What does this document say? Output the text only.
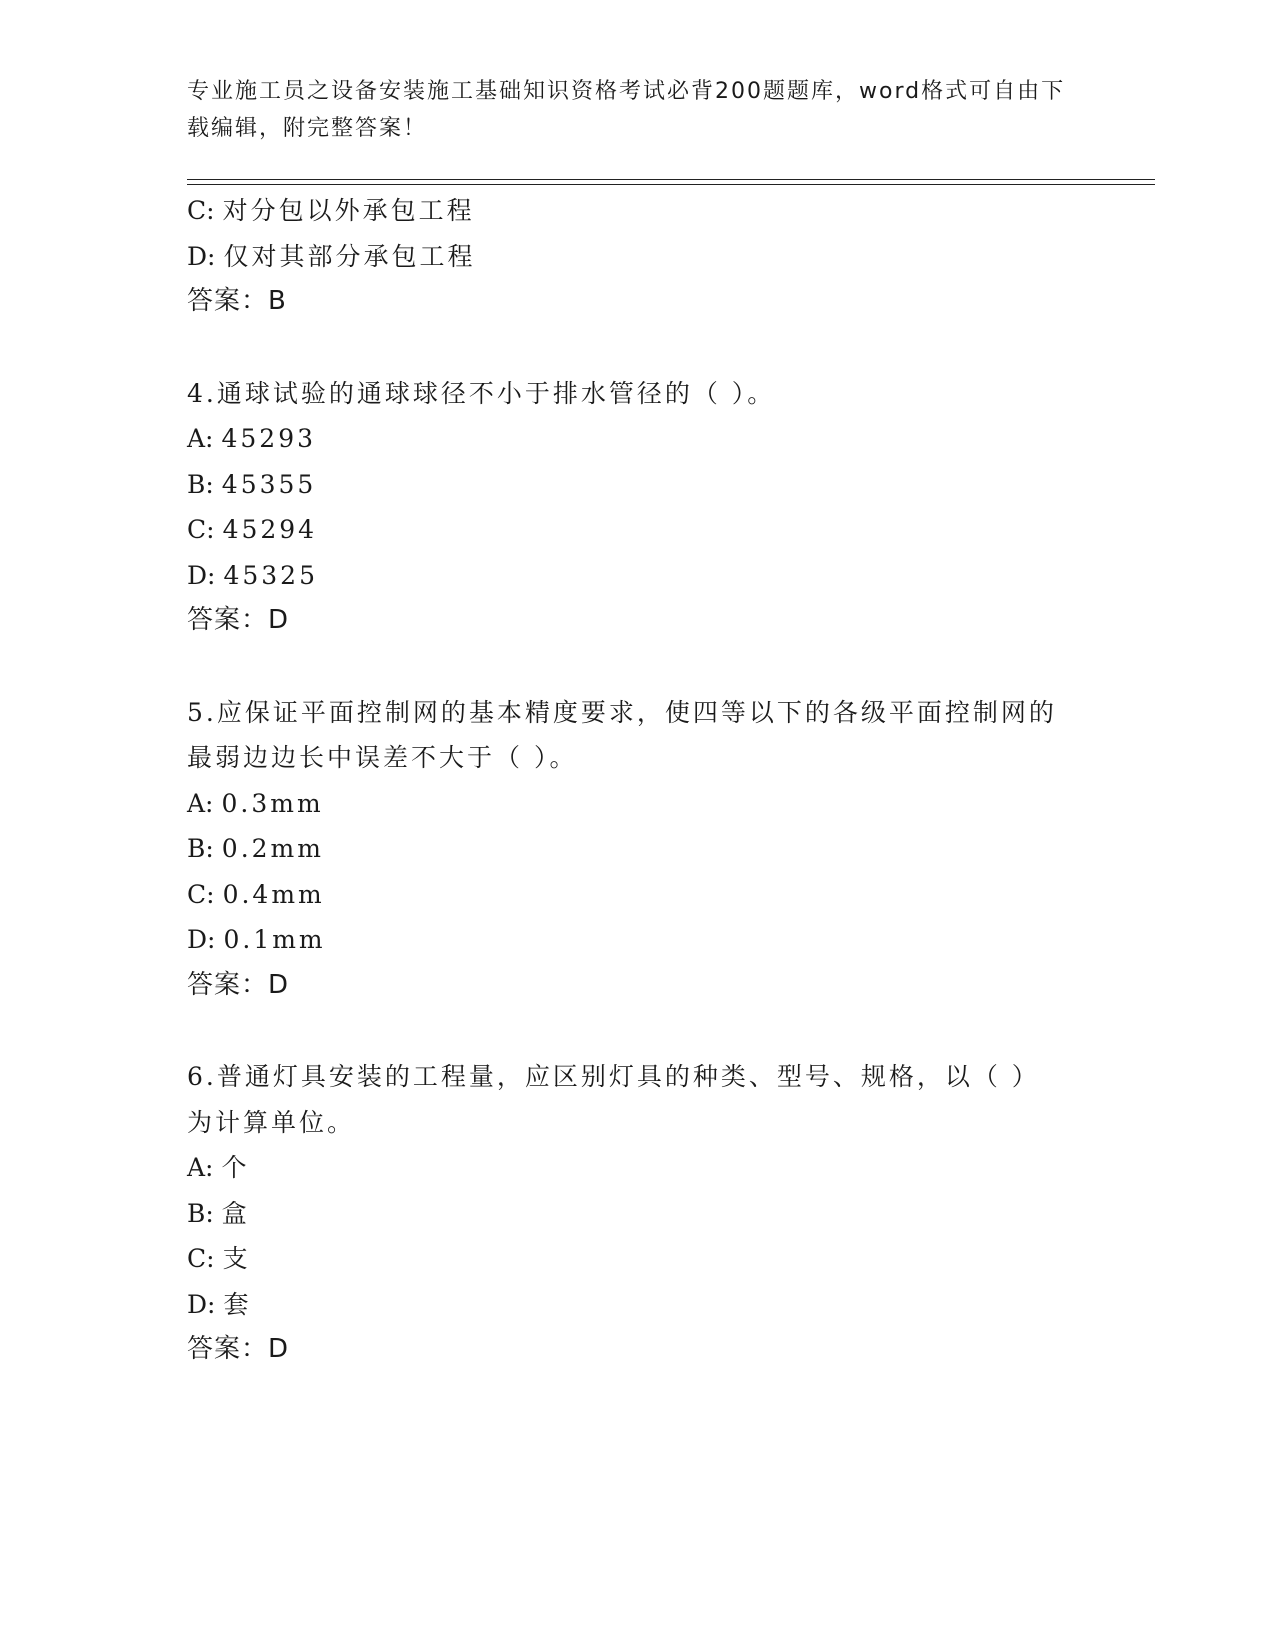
专业施工员之设备安装施工基础知识资格考试必背200题题库，word格式可自由下载编辑，附完整答案！
C: 对分包以外承包工程
D: 仅对其部分承包工程
答案：B
4.通球试验的通球球径不小于排水管径的（ ）。
A: 45293
B: 45355
C: 45294
D: 45325
答案：D
5.应保证平面控制网的基本精度要求，使四等以下的各级平面控制网的最弱边边长中误差不大于（ ）。
A: 0.3mm
B: 0.2mm
C: 0.4mm
D: 0.1mm
答案：D
6.普通灯具安装的工程量，应区别灯具的种类、型号、规格，以（ ）为计算单位。
A: 个
B: 盒
C: 支
D: 套
答案：D
